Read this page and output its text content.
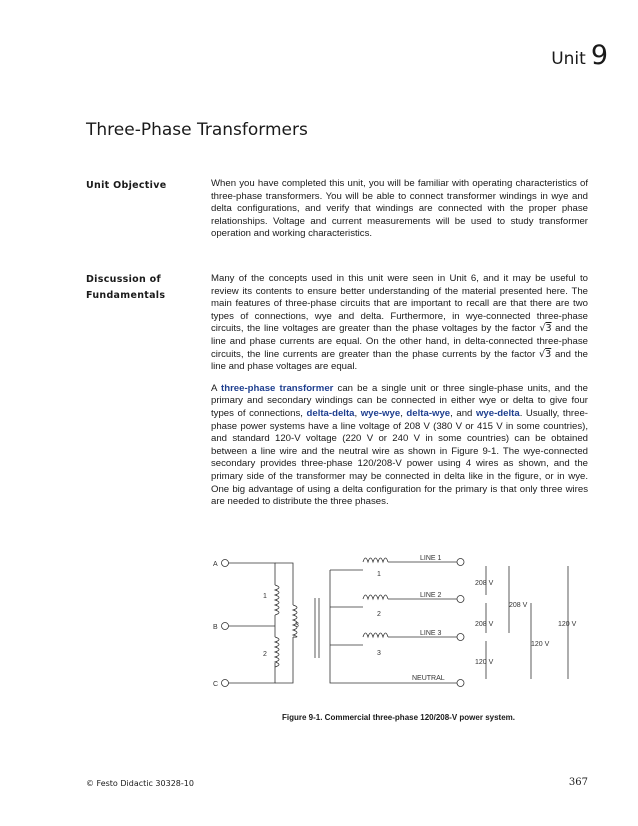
Unit 9
Three-Phase Transformers
Unit Objective	When you have completed this unit, you will be familiar with operating characteristics of three-phase transformers. You will be able to connect transformer windings in wye and delta configurations, and verify that windings are connected with the proper phase relationships. Voltage and current measurements will be used to study transformer operation and working characteristics.

Discussion of
Fundamentals

Many of the concepts used in this unit were seen in Unit 6, and it may be useful to review its contents to ensure better understanding of the material presented here. The main features of three-phase circuits that are important to recall are that there are two types of connections, wye and delta. Furthermore, in wye-connected three-phase circuits, the line voltages are greater than the phase voltages by the factor √3 and the line and phase currents are equal. On the other hand, in delta-connected three-phase circuits, the line currents are greater than the phase currents by the factor √3 and the line and phase voltages are equal.

A three-phase transformer can be a single unit or three single-phase units, and the primary and secondary windings can be connected in either wye or delta to give four types of connections, delta-delta, wye-wye, delta-wye, and wye-delta. Usually, three-phase power systems have a line voltage of 208 V (380 V or 415 V in some countries), and standard 120-V voltage (220 V or 240 V in some countries) can be obtained between a line wire and the neutral wire as shown in Figure 9-1. The wye-connected secondary provides three-phase 120/208-V power using 4 wires as shown, and the primary side of the transformer may be connected in delta like in the figure, or in wye. One big advantage of using a delta configuration for the primary is that only three wires are needed to distribute the three phases.

A
B
C
1
2
3
1
2
3
LINE 1
LINE 2
LINE 3
NEUTRAL
208 V
208 V
120 V
208 V
120 V
120 V
Figure 9-1. Commercial three-phase 120/208-V power system.
© Festo Didactic 30328-10	367
